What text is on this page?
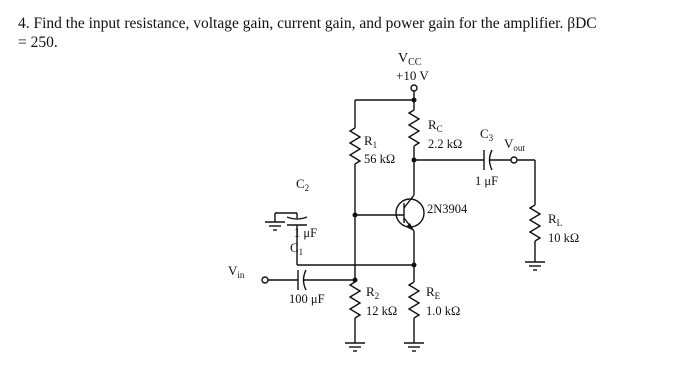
4. Find the input resistance, voltage gain, current gain, and power gain for the amplifier. βDC
= 250.
$V_{CC}$
+10 V
$R_1$
56 kΩ
$R_C$
2.2 kΩ
$C_3$
1 μF
$V_{out}$
$R_L$
10 kΩ
2N3904
$R_E$
1.0 kΩ
$C_2$
1 μF
$V_{in}$
$C_1$
100 μF	$R_2$
12 kΩ
